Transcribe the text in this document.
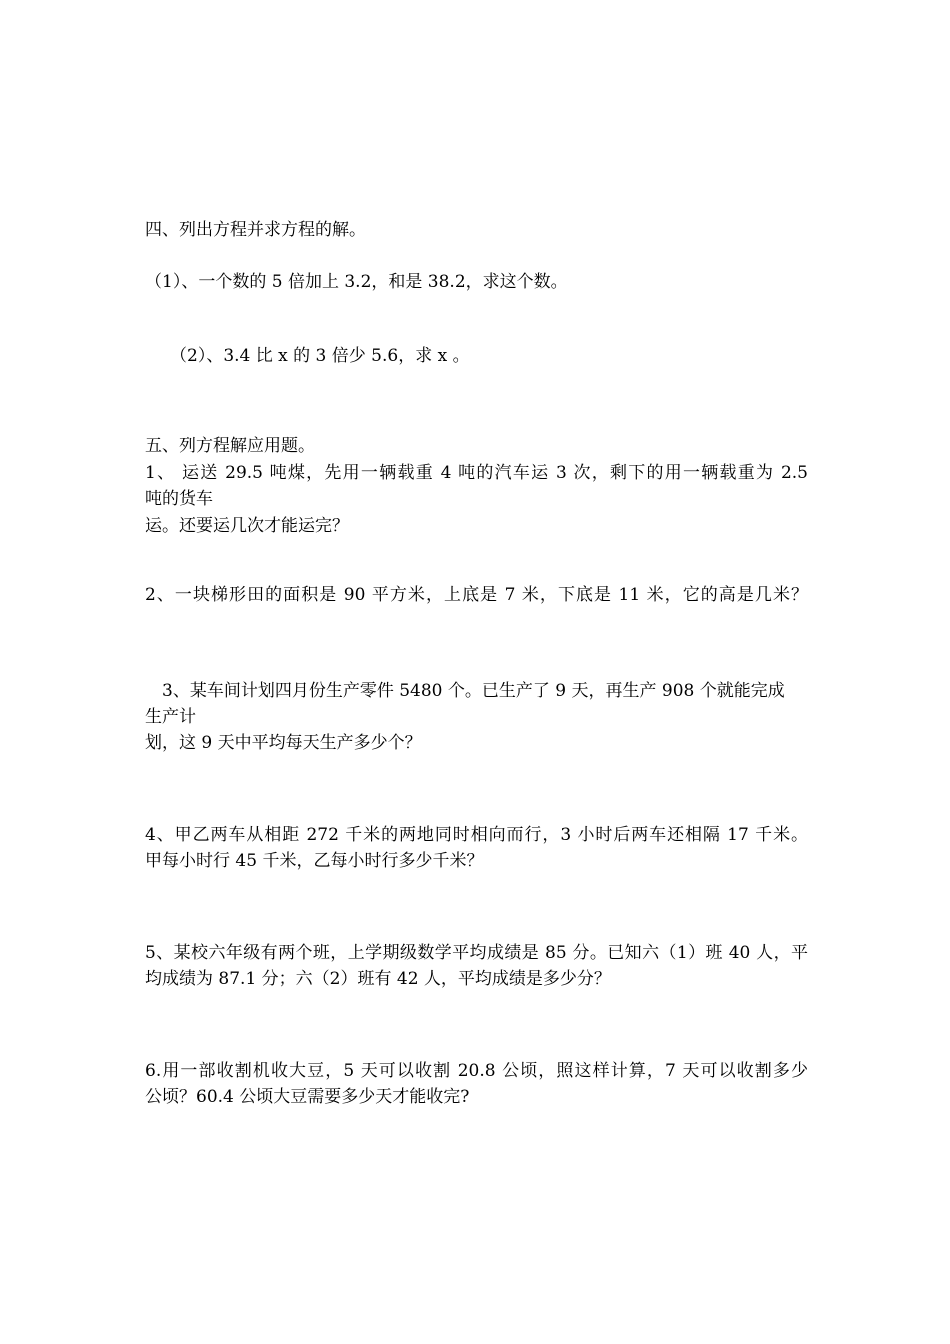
四、列出方程并求方程的解。
（1）、一个数的 5 倍加上 3.2，和是 38.2，求这个数。
（2）、3.4 比 x 的 3 倍少 5.6，求 x 。
五、列方程解应用题。
1、 运送 29.5 吨煤，先用一辆载重 4 吨的汽车运 3 次，剩下的用一辆载重为 2.5
吨的货车
运。还要运几次才能运完？
2、一块梯形田的面积是 90 平方米，上底是 7 米，下底是 11 米，它的高是几米？
3、某车间计划四月份生产零件 5480 个。已生产了 9 天，再生产 908 个就能完成
生产计
划，这 9 天中平均每天生产多少个？
4、甲乙两车从相距 272 千米的两地同时相向而行，3 小时后两车还相隔 17 千米。
甲每小时行 45 千米，乙每小时行多少千米？
5、某校六年级有两个班，上学期级数学平均成绩是 85 分。已知六（1）班 40 人，平
均成绩为 87.1 分；六（2）班有 42 人，平均成绩是多少分？
6.用一部收割机收大豆，5 天可以收割 20.8 公顷，照这样计算，7 天可以收割多少
公顷？60.4 公顷大豆需要多少天才能收完?
